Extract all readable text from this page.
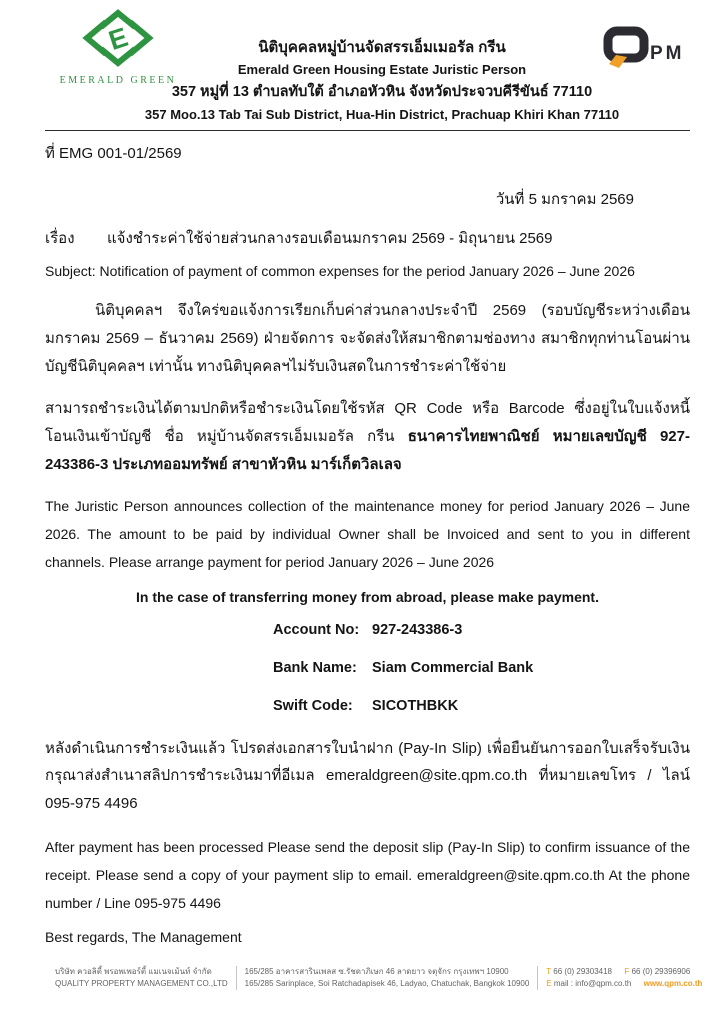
E
EMERALD GREEN
นิติบุคคลหมู่บ้านจัดสรรเอ็มเมอรัล กรีน
Emerald Green Housing Estate Juristic Person
357 หมู่ที่ 13 ตำบลทับใต้ อำเภอหัวหิน จังหวัดประจวบคีรีขันธ์ 77110
357 Moo.13 Tab Tai Sub District, Hua-Hin District, Prachuap Khiri Khan 77110
PM
ที่ EMG 001-01/2569
วันที่ 5 มกราคม 2569
เรื่อง	แจ้งชำระค่าใช้จ่ายส่วนกลางรอบเดือนมกราคม 2569 - มิถุนายน 2569
Subject: Notification of payment of common expenses for the period January 2026 – June 2026

นิติบุคคลฯ จึงใคร่ขอแจ้งการเรียกเก็บค่าส่วนกลางประจำปี 2569 (รอบบัญชีระหว่างเดือนมกราคม 2569 – ธันวาคม 2569) ฝ่ายจัดการ จะจัดส่งให้สมาชิกตามช่องทาง สมาชิกทุกท่านโอนผ่านบัญชีนิติบุคคลฯ เท่านั้น ทางนิติบุคคลฯไม่รับเงินสดในการชำระค่าใช้จ่าย

สามารถชำระเงินได้ตามปกติหรือชำระเงินโดยใช้รหัส QR Code หรือ Barcode ซึ่งอยู่ในใบแจ้งหนี้ โอนเงินเข้าบัญชี ชื่อ หมู่บ้านจัดสรรเอ็มเมอรัล กรีน ธนาคารไทยพาณิชย์ หมายเลขบัญชี 927-243386-3 ประเภทออมทรัพย์ สาขาหัวหิน มาร์เก็ตวิลเลจ

The Juristic Person announces collection of the maintenance money for period January 2026 – June 2026. The amount to be paid by individual Owner shall be Invoiced and sent to you in different channels. Please arrange payment for period January 2026 – June 2026

In the case of transferring money from abroad, please make payment.
Account No: 927-243386-3
Bank Name:	Siam Commercial Bank
Swift Code:	SICOTHBKK

หลังดำเนินการชำระเงินแล้ว โปรดส่งเอกสารใบนำฝาก (Pay-In Slip) เพื่อยืนยันการออกใบเสร็จรับเงิน กรุณาส่งสำเนาสลิปการชำระเงินมาที่อีเมล emeraldgreen@site.qpm.co.th ที่หมายเลขโทร / ไลน์ 095-975 4496

After payment has been processed Please send the deposit slip (Pay-In Slip) to confirm issuance of the receipt. Please send a copy of your payment slip to email. emeraldgreen@site.qpm.co.th At the phone number / Line 095-975 4496

Best regards, The Management
บริษัท ควอลิตี้ พรอพเพอร์ตี้ แมเนจเม้นท์ จำกัด
QUALITY PROPERTY MANAGEMENT CO.,LTD
165/285 อาคารสารินเพลส ซ.รัชดาภิเษก 46 ลาดยาว จตุจักร กรุงเทพฯ 10900
165/285 Sarinplace, Soi Ratchadapisek 46, Ladyao, Chatuchak, Bangkok 10900
T 66 (0) 29303418 F 66 (0) 29396906
E mail : info@qpm.co.th www.qpm.co.th
